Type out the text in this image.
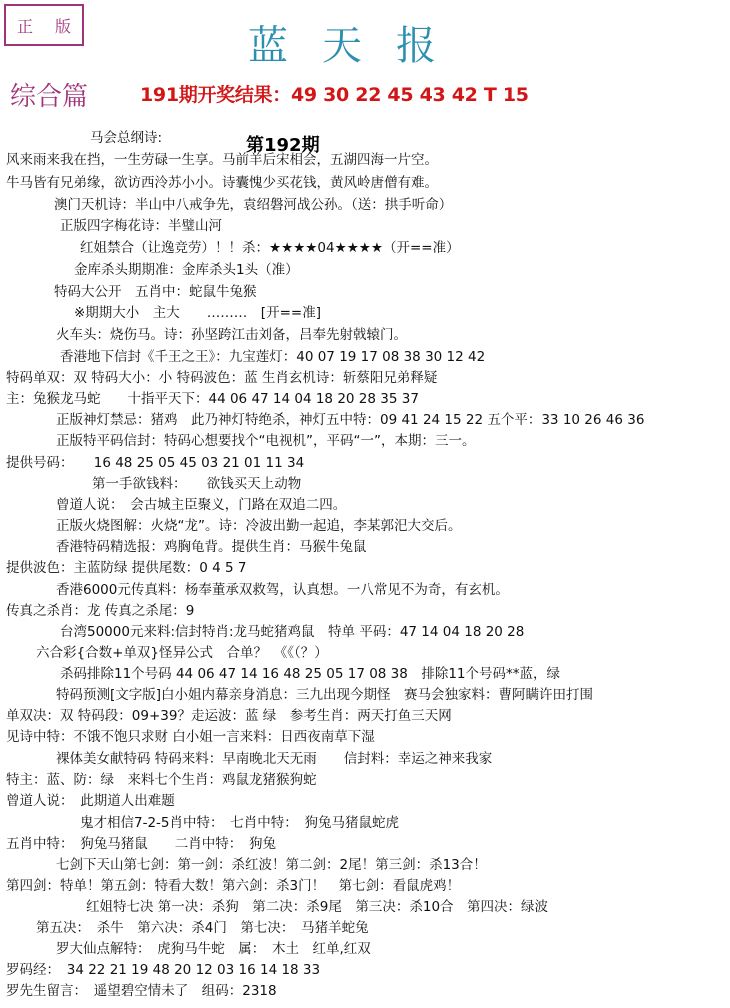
正 版	蓝天报
综合篇	191期开奖结果：49 30 22 45 43 42 T 15
第192期
马会总纲诗:
风来雨来我在挡，一生劳碌一生享。马前羊后宋相会，五湖四海一片空。
牛马皆有兄弟缘，欲访西泠苏小小。诗囊愧少买花钱，黄风岭唐僧有难。
澳门天机诗：半山中八戒争先，袁绍磐河战公孙。（送：拱手听命）
正版四字梅花诗：半璧山河
红姐禁合（让逸竞劳）！！杀：★★★★04★★★★（开==准）
金库杀头期期准：金库杀头1头（准）
特码大公开　五肖中：蛇鼠牛兔猴
※期期大小　主大　　………　[开==准]
火车头：烧伤马。诗：孙坚跨江击刘备，吕奉先射戟辕门。
香港地下信封《千王之王》：九宝莲灯：40 07 19 17 08 38 30 12 42
特码单双：双 特码大小：小 特码波色：蓝 生肖玄机诗：斩蔡阳兄弟释疑
主：兔猴龙马蛇　　十指平天下：44 06 47 14 04 18 20 28 35 37
正版神灯禁忌：猪鸡　此乃神灯特绝杀，神灯五中特：09 41 24 15 22 五个平：33 10 26 46 36
正版特平码信封：特码心想要找个“电视机”，平码“一”，本期：三一。
提供号码：　　16 48 25 05 45 03 21 01 11 34
第一手欲钱料：　　欲钱买天上动物
曾道人说：　会古城主臣聚义，门路在双追二四。
正版火烧图解：火烧“龙”。诗：冷波出勤一起追，李某郭汜大交后。
香港特码精选报：鸡胸龟背。提供生肖：马猴牛兔鼠
提供波色：主蓝防绿 提供尾数：0 4 5 7
香港6000元传真料：杨奉董承双救驾，认真想。一八常见不为奇，有玄机。
传真之杀肖：龙 传真之杀尾：9
台湾50000元来料:信封特肖:龙马蛇猪鸡鼠　特单 平码：47 14 04 18 20 28
六合彩{合数+单双}怪异公式　合单？　《《（？）
杀码排除11个号码 44 06 47 14 16 48 25 05 17 08 38　排除11个号码**蓝，绿
特码预测[文字版]白小姐内幕亲身消息：三九出现今期怪　赛马会独家料：曹阿瞒许田打围
单双决：双 特码段：09+39？走运波：蓝 绿　参考生肖：两天打鱼三天网
见诗中特：不饿不饱只求财 白小姐一言来料：日西夜南草下湿
裸体美女献特码 特码来料：早南晚北天无雨　　信封料：幸运之神来我家
特主：蓝、防：绿　来料七个生肖：鸡鼠龙猪猴狗蛇
曾道人说：　此期道人出难题
鬼才相信7-2-5肖中特：　七肖中特：　狗兔马猪鼠蛇虎
五肖中特：　狗兔马猪鼠　　二肖中特：　狗兔
七剑下天山第七剑：第一剑：杀红波！第二剑：2尾！第三剑：杀13合！
第四剑：特单！第五剑：特看大数！第六剑：杀3门！　第七剑：看鼠虎鸡！
红姐特七决 第一决：杀狗　第二决：杀9尾　第三决：杀10合　第四决：绿波
第五决：　杀牛　第六决：杀4门　第七决：　马猪羊蛇兔
罗大仙点解特：　虎狗马牛蛇　属：　木土　红单,红双
罗码经：　34 22 21 19 48 20 12 03 16 14 18 33
罗先生留言：　遥望碧空情未了　组码：2318
